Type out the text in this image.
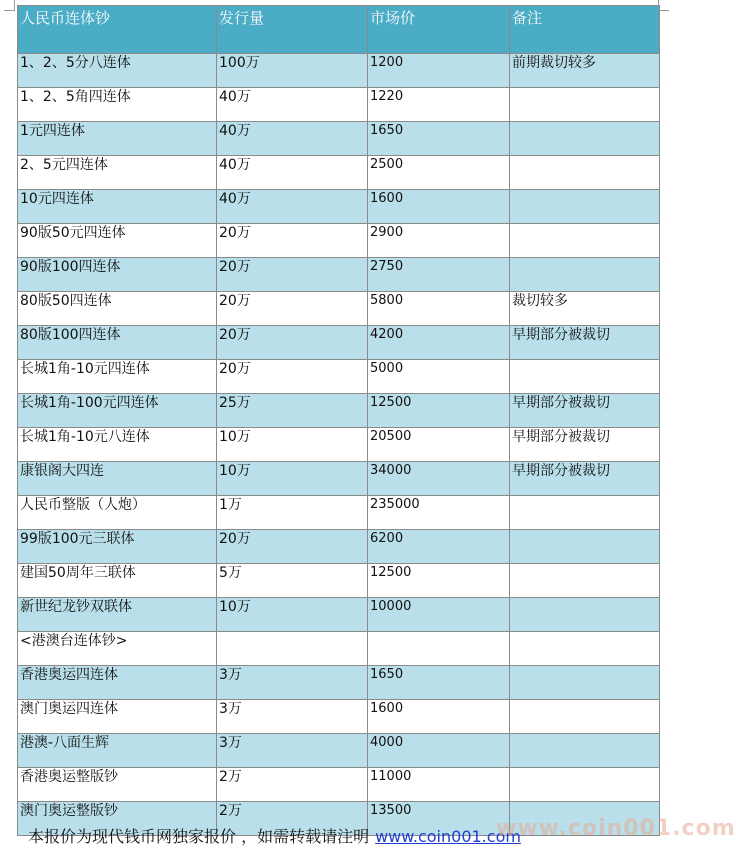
人民币连体钞	发行量	市场价	备注
1、2、5分八连体	100万	1200	前期裁切较多
1、2、5角四连体	40万	1220	
1元四连体	40万	1650	
2、5元四连体	40万	2500	
10元四连体	40万	1600	
90版50元四连体	20万	2900	
90版100四连体	20万	2750	
80版50四连体	20万	5800	裁切较多
80版100四连体	20万	4200	早期部分被裁切
长城1角-10元四连体	20万	5000	
长城1角-100元四连体	25万	12500	早期部分被裁切
长城1角-10元八连体	10万	20500	早期部分被裁切
康银阁大四连	10万	34000	早期部分被裁切
人民币整版（人炮）	1万	235000	
99版100元三联体	20万	6200	
建国50周年三联体	5万	12500	
新世纪龙钞双联体	10万	10000	
<港澳台连体钞>			
香港奥运四连体	3万	1650	
澳门奥运四连体	3万	1600	
港澳-八面生辉	3万	4000	
香港奥运整版钞	2万	11000	
澳门奥运整版钞	2万	13500	
本报价为现代钱币网独家报价 ，如需转载请注明 www.coin001.com
www.coin001.com
